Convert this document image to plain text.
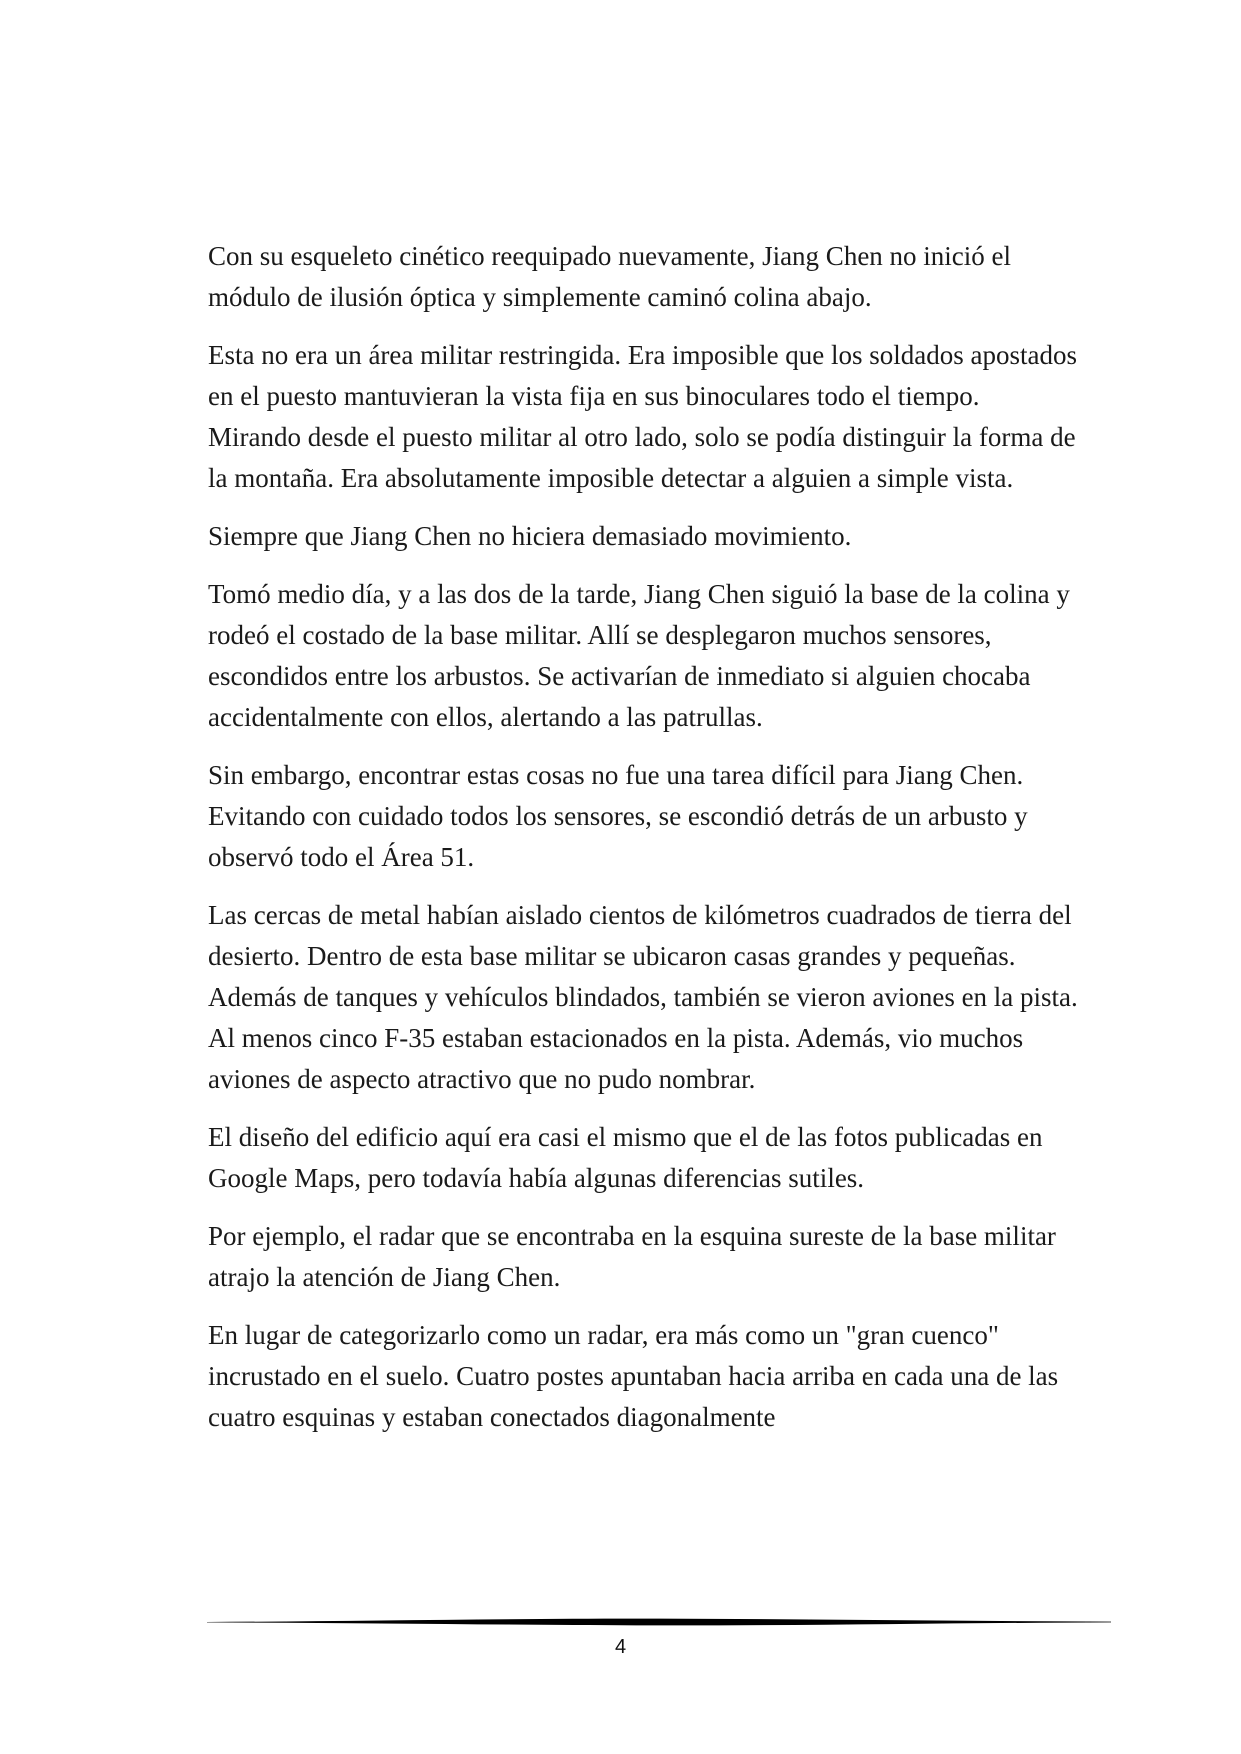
Con su esqueleto cinético reequipado nuevamente, Jiang Chen no inició el módulo de ilusión óptica y simplemente caminó colina abajo.

Esta no era un área militar restringida. Era imposible que los soldados apostados en el puesto mantuvieran la vista fija en sus binoculares todo el tiempo. Mirando desde el puesto militar al otro lado, solo se podía distinguir la forma de la montaña. Era absolutamente imposible detectar a alguien a simple vista.

Siempre que Jiang Chen no hiciera demasiado movimiento.

Tomó medio día, y a las dos de la tarde, Jiang Chen siguió la base de la colina y rodeó el costado de la base militar. Allí se desplegaron muchos sensores, escondidos entre los arbustos. Se activarían de inmediato si alguien chocaba accidentalmente con ellos, alertando a las patrullas.

Sin embargo, encontrar estas cosas no fue una tarea difícil para Jiang Chen. Evitando con cuidado todos los sensores, se escondió detrás de un arbusto y observó todo el Área 51.

Las cercas de metal habían aislado cientos de kilómetros cuadrados de tierra del desierto. Dentro de esta base militar se ubicaron casas grandes y pequeñas. Además de tanques y vehículos blindados, también se vieron aviones en la pista. Al menos cinco F-35 estaban estacionados en la pista. Además, vio muchos aviones de aspecto atractivo que no pudo nombrar.

El diseño del edificio aquí era casi el mismo que el de las fotos publicadas en Google Maps, pero todavía había algunas diferencias sutiles.

Por ejemplo, el radar que se encontraba en la esquina sureste de la base militar atrajo la atención de Jiang Chen.

En lugar de categorizarlo como un radar, era más como un "gran cuenco" incrustado en el suelo. Cuatro postes apuntaban hacia arriba en cada una de las cuatro esquinas y estaban conectados diagonalmente

4
